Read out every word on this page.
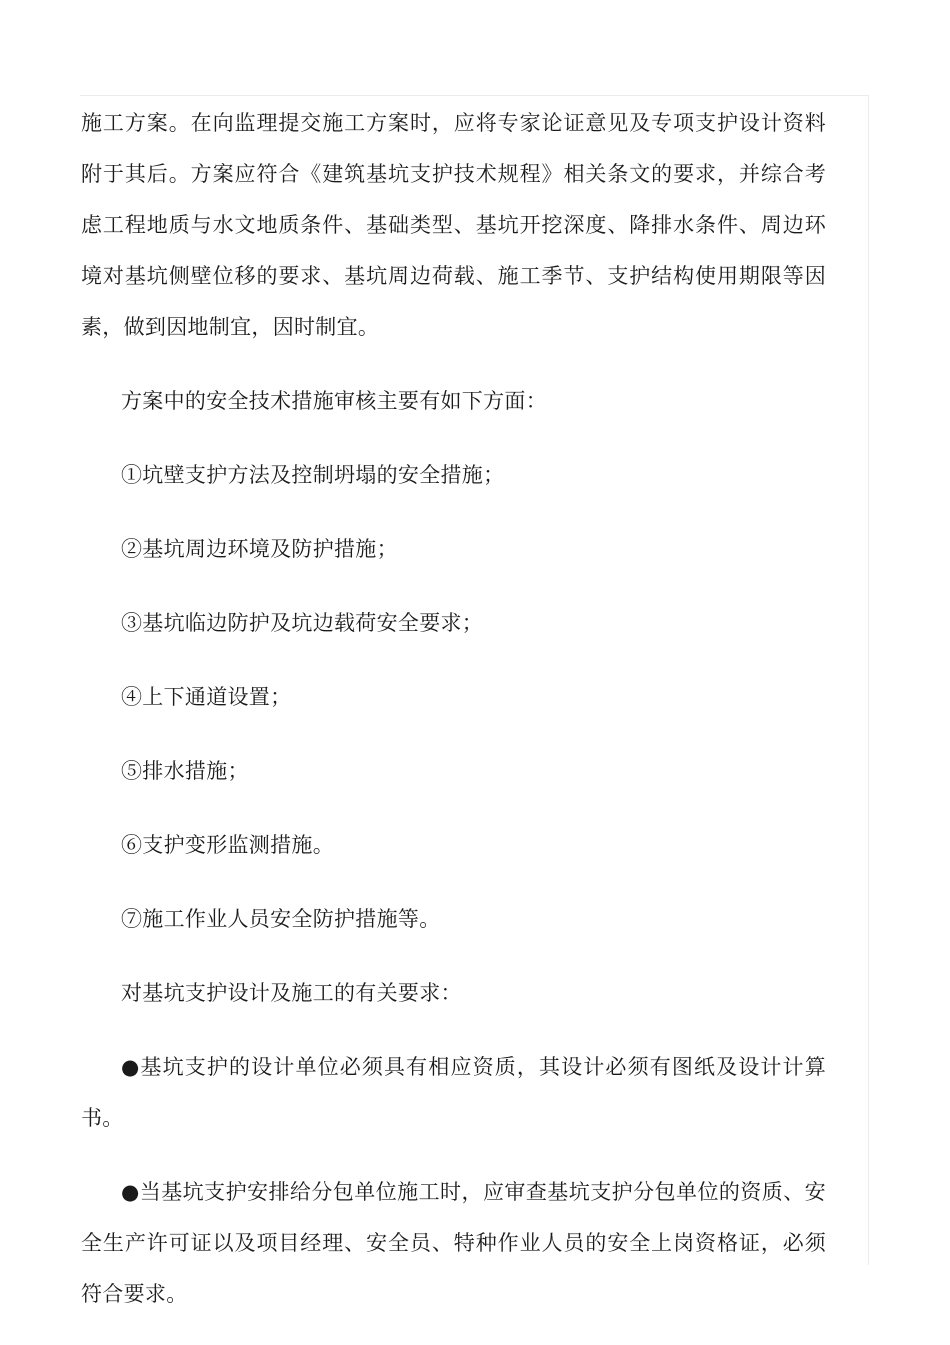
施工方案。在向监理提交施工方案时，应将专家论证意见及专项支护设计资料附于其后。方案应符合《建筑基坑支护技术规程》相关条文的要求，并综合考虑工程地质与水文地质条件、基础类型、基坑开挖深度、降排水条件、周边环境对基坑侧壁位移的要求、基坑周边荷载、施工季节、支护结构使用期限等因素，做到因地制宜，因时制宜。

方案中的安全技术措施审核主要有如下方面：

①坑壁支护方法及控制坍塌的安全措施；

②基坑周边环境及防护措施；

③基坑临边防护及坑边载荷安全要求；

④上下通道设置；

⑤排水措施；

⑥支护变形监测措施。

⑦施工作业人员安全防护措施等。

对基坑支护设计及施工的有关要求：

●基坑支护的设计单位必须具有相应资质，其设计必须有图纸及设计计算书。

●当基坑支护安排给分包单位施工时，应审查基坑支护分包单位的资质、安全生产许可证以及项目经理、安全员、特种作业人员的安全上岗资格证，必须符合要求。
